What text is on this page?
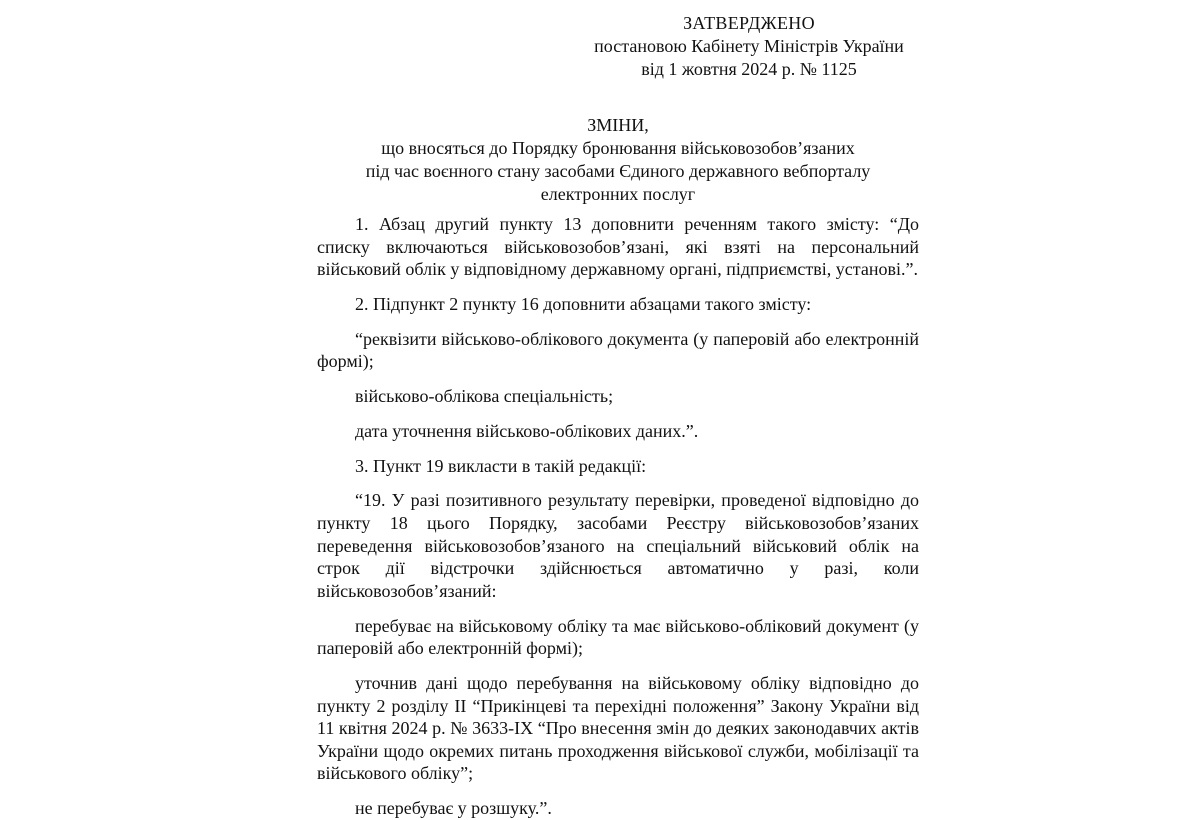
ЗАТВЕРДЖЕНО
постановою Кабінету Міністрів України
від 1 жовтня 2024 р. № 1125
ЗМІНИ,
що вносяться до Порядку бронювання військовозобов’язаних
під час воєнного стану засобами Єдиного державного вебпорталу
електронних послуг

1. Абзац другий пункту 13 доповнити реченням такого змісту: “До списку включаються військовозобов’язані, які взяті на персональний військовий облік у відповідному державному органі, підприємстві, установі.”.

2. Підпункт 2 пункту 16 доповнити абзацами такого змісту:

“реквізити військово-облікового документа (у паперовій або електронній формі);

військово-облікова спеціальність;

дата уточнення військово-облікових даних.”.

3. Пункт 19 викласти в такій редакції:

“19. У разі позитивного результату перевірки, проведеної відповідно до пункту 18 цього Порядку, засобами Реєстру військовозобов’язаних переведення військовозобов’язаного на спеціальний військовий облік на строк дії відстрочки здійснюється автоматично у разі, коли військовозобов’язаний:

перебуває на військовому обліку та має військово-обліковий документ (у паперовій або електронній формі);

уточнив дані щодо перебування на військовому обліку відповідно до пункту 2 розділу II “Прикінцеві та перехідні положення” Закону України від 11 квітня 2024 р. № 3633-IX “Про внесення змін до деяких законодавчих актів України щодо окремих питань проходження військової служби, мобілізації та військового обліку”;

не перебуває у розшуку.”.
